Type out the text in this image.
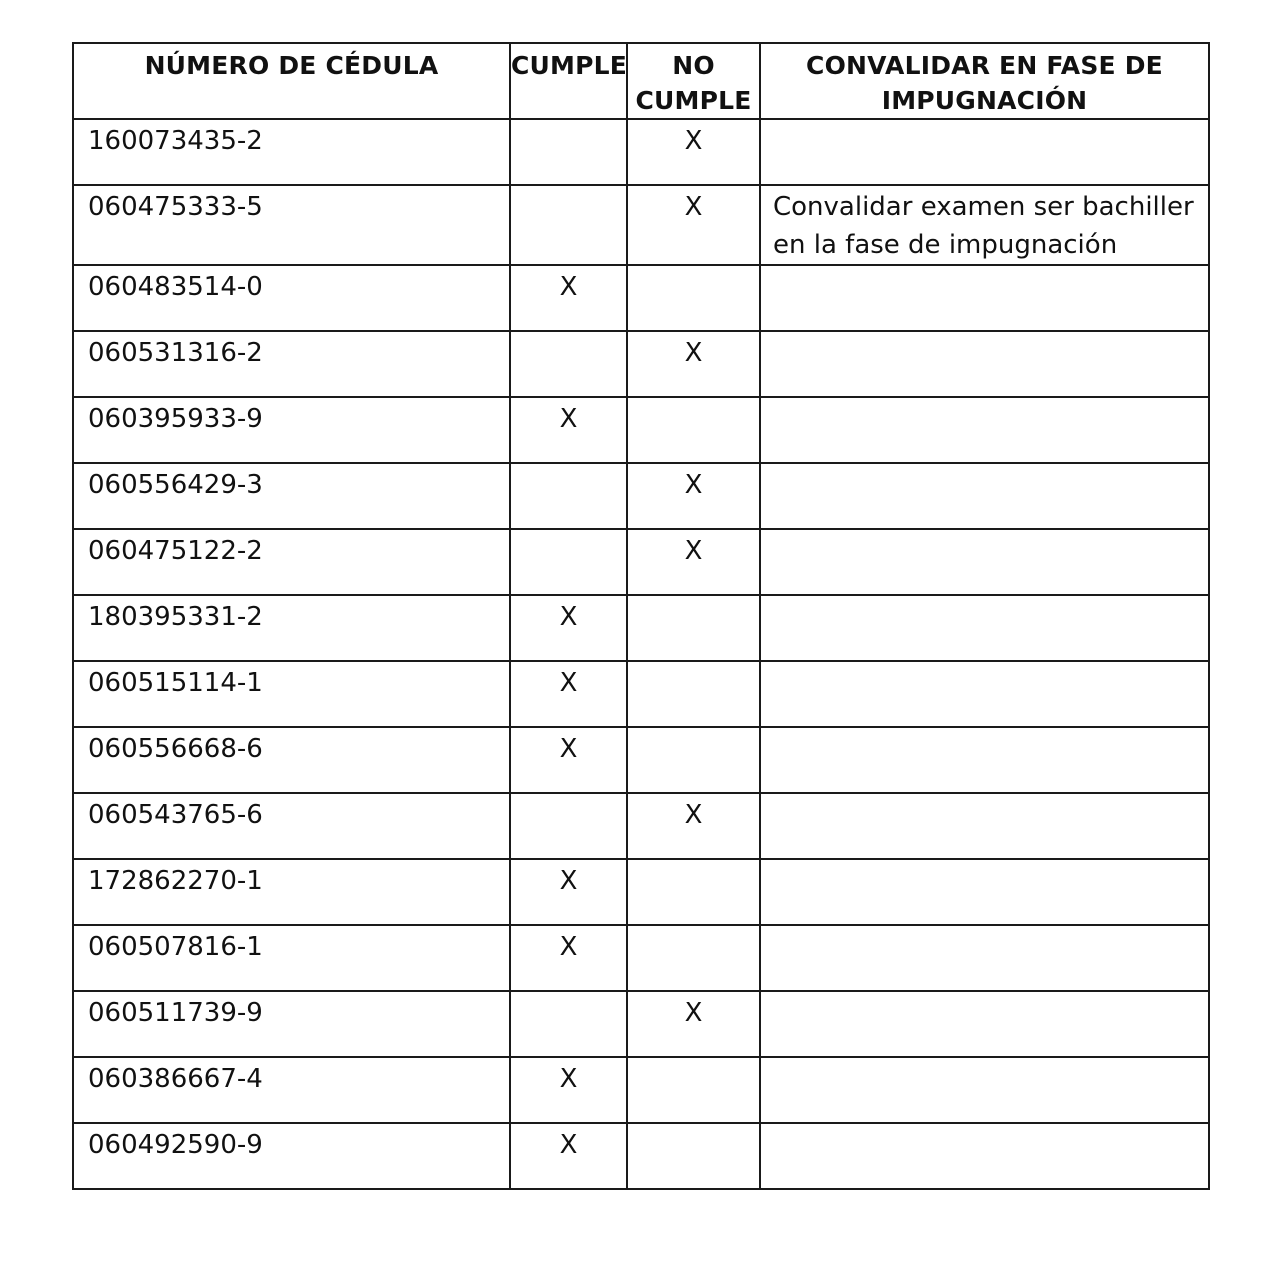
NÚMERO DE CÉDULA	CUMPLE	NO CUMPLE	CONVALIDAR EN FASE DE IMPUGNACIÓN
160073435-2		X	
060475333-5		X	Convalidar examen ser bachiller en la fase de impugnación
060483514-0	X		
060531316-2		X	
060395933-9	X		
060556429-3		X	
060475122-2		X	
180395331-2	X		
060515114-1	X		
060556668-6	X		
060543765-6		X	
172862270-1	X		
060507816-1	X		
060511739-9		X	
060386667-4	X		
060492590-9	X		
